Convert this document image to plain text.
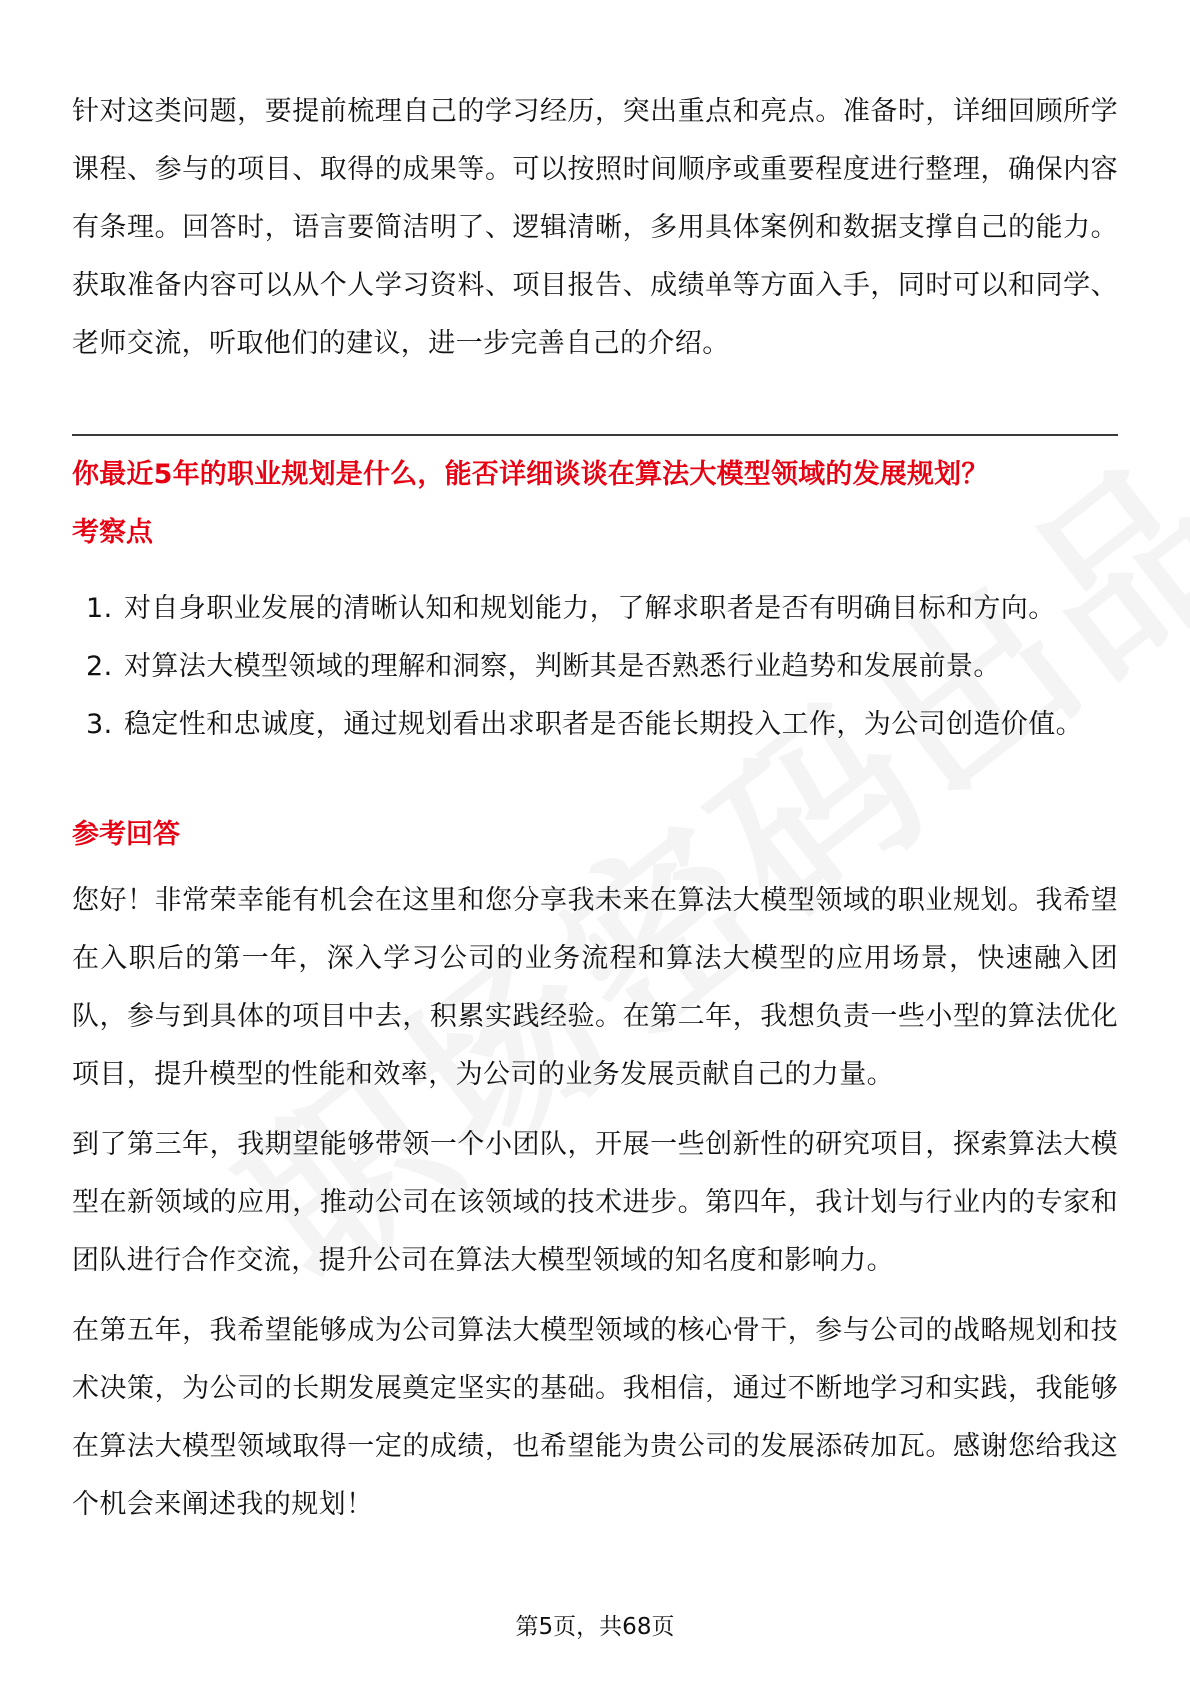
针对这类问题，要提前梳理自己的学习经历，突出重点和亮点。准备时，详细回顾所学课程、参与的项目、取得的成果等。可以按照时间顺序或重要程度进行整理，确保内容有条理。回答时，语言要简洁明了、逻辑清晰，多用具体案例和数据支撑自己的能力。获取准备内容可以从个人学习资料、项目报告、成绩单等方面入手，同时可以和同学、老师交流，听取他们的建议，进一步完善自己的介绍。

你最近5年的职业规划是什么，能否详细谈谈在算法大模型领域的发展规划？
考察点
1. 对自身职业发展的清晰认知和规划能力，了解求职者是否有明确目标和方向。
2. 对算法大模型领域的理解和洞察，判断其是否熟悉行业趋势和发展前景。
3. 稳定性和忠诚度，通过规划看出求职者是否能长期投入工作，为公司创造价值。
参考回答

您好！非常荣幸能有机会在这里和您分享我未来在算法大模型领域的职业规划。我希望在入职后的第一年，深入学习公司的业务流程和算法大模型的应用场景，快速融入团队，参与到具体的项目中去，积累实践经验。在第二年，我想负责一些小型的算法优化项目，提升模型的性能和效率，为公司的业务发展贡献自己的力量。

到了第三年，我期望能够带领一个小团队，开展一些创新性的研究项目，探索算法大模型在新领域的应用，推动公司在该领域的技术进步。第四年，我计划与行业内的专家和团队进行合作交流，提升公司在算法大模型领域的知名度和影响力。

在第五年，我希望能够成为公司算法大模型领域的核心骨干，参与公司的战略规划和技术决策，为公司的长期发展奠定坚实的基础。我相信，通过不断地学习和实践，我能够在算法大模型领域取得一定的成绩，也希望能为贵公司的发展添砖加瓦。感谢您给我这个机会来阐述我的规划！

第5页，共68页
